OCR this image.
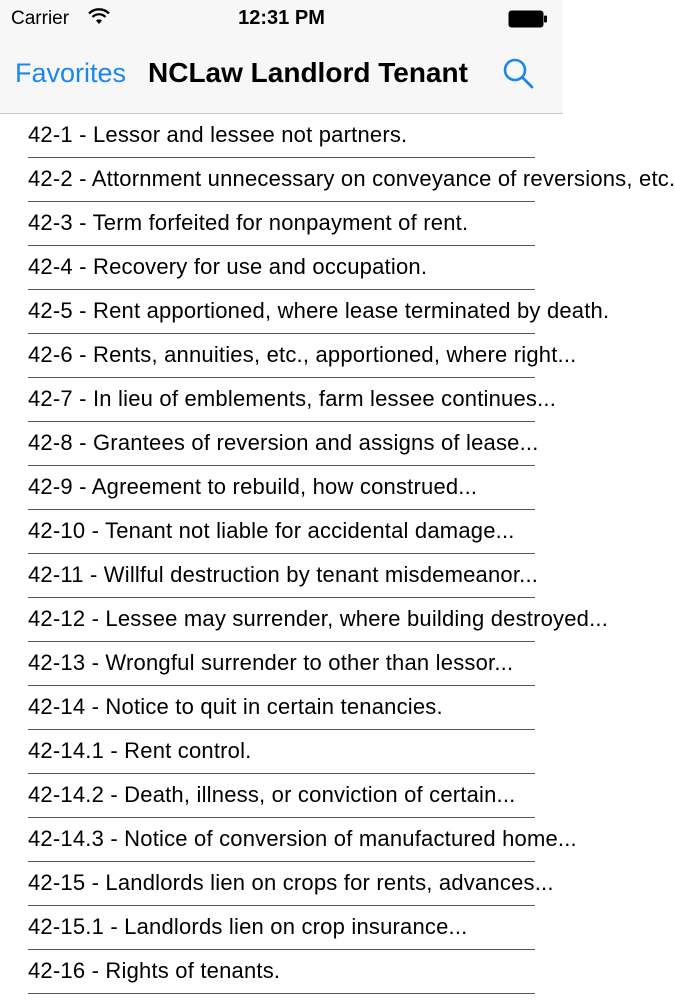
Carrier	12:31 PM
Favorites NCLaw Landlord Tenant
42-1 - Lessor and lessee not partners.
42-2 - Attornment unnecessary on conveyance of reversions, etc.
42-3 - Term forfeited for nonpayment of rent.
42-4 - Recovery for use and occupation.
42-5 - Rent apportioned, where lease terminated by death.
42-6 - Rents, annuities, etc., apportioned, where right...
42-7 - In lieu of emblements, farm lessee continues...
42-8 - Grantees of reversion and assigns of lease...
42-9 - Agreement to rebuild, how construed...
42-10 - Tenant not liable for accidental damage...
42-11 - Willful destruction by tenant misdemeanor...
42-12 - Lessee may surrender, where building destroyed...
42-13 - Wrongful surrender to other than lessor...
42-14 - Notice to quit in certain tenancies.
42-14.1 - Rent control.
42-14.2 - Death, illness, or conviction of certain...
42-14.3 - Notice of conversion of manufactured home...
42-15 - Landlords lien on crops for rents, advances...
42-15.1 - Landlords lien on crop insurance...
42-16 - Rights of tenants.
